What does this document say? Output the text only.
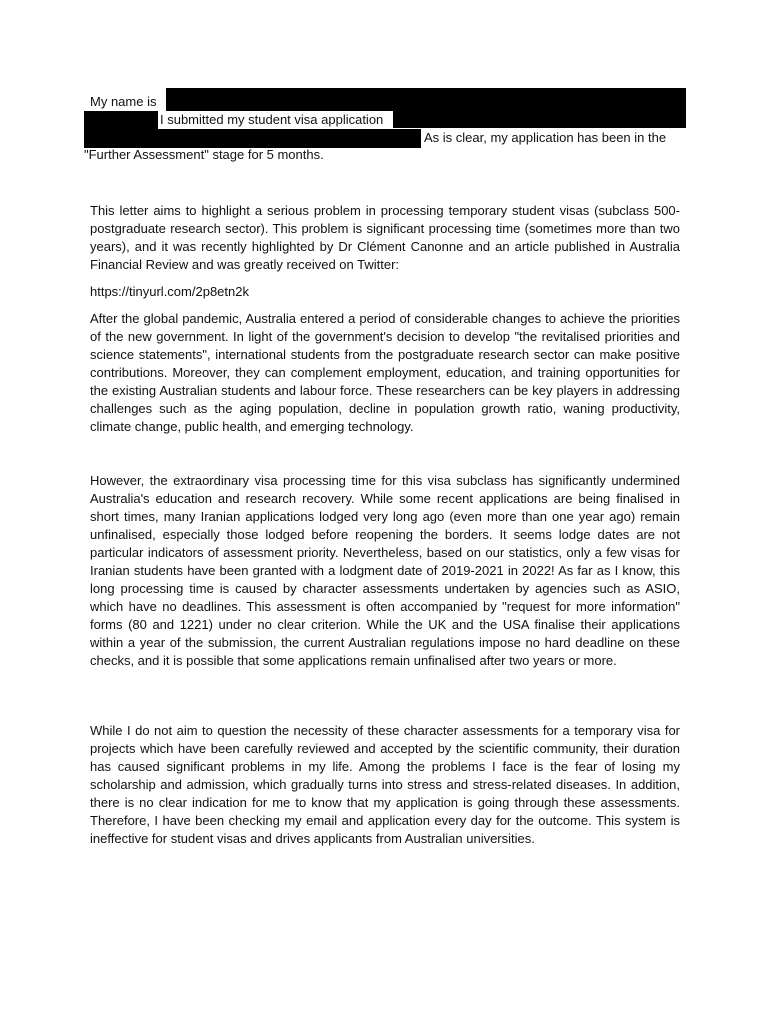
My name is
I submitted my student visa application
As is clear, my application has been in the
"Further Assessment" stage for 5 months.

This letter aims to highlight a serious problem in processing temporary student visas (subclass 500-postgraduate research sector). This problem is significant processing time (sometimes more than two years), and it was recently highlighted by Dr Clément Canonne and an article published in Australia Financial Review and was greatly received on Twitter:

https://tinyurl.com/2p8etn2k

After the global pandemic, Australia entered a period of considerable changes to achieve the priorities of the new government. In light of the government's decision to develop "the revitalised priorities and science statements", international students from the postgraduate research sector can make positive contributions. Moreover, they can complement employment, education, and training opportunities for the existing Australian students and labour force. These researchers can be key players in addressing challenges such as the aging population, decline in population growth ratio, waning productivity, climate change, public health, and emerging technology.

However, the extraordinary visa processing time for this visa subclass has significantly undermined Australia's education and research recovery. While some recent applications are being finalised in short times, many Iranian applications lodged very long ago (even more than one year ago) remain unfinalised, especially those lodged before reopening the borders. It seems lodge dates are not particular indicators of assessment priority. Nevertheless, based on our statistics, only a few visas for Iranian students have been granted with a lodgment date of 2019-2021 in 2022! As far as I know, this long processing time is caused by character assessments undertaken by agencies such as ASIO, which have no deadlines. This assessment is often accompanied by "request for more information" forms (80 and 1221) under no clear criterion. While the UK and the USA finalise their applications within a year of the submission, the current Australian regulations impose no hard deadline on these checks, and it is possible that some applications remain unfinalised after two years or more.

While I do not aim to question the necessity of these character assessments for a temporary visa for projects which have been carefully reviewed and accepted by the scientific community, their duration has caused significant problems in my life. Among the problems I face is the fear of losing my scholarship and admission, which gradually turns into stress and stress-related diseases. In addition, there is no clear indication for me to know that my application is going through these assessments. Therefore, I have been checking my email and application every day for the outcome. This system is ineffective for student visas and drives applicants from Australian universities.
